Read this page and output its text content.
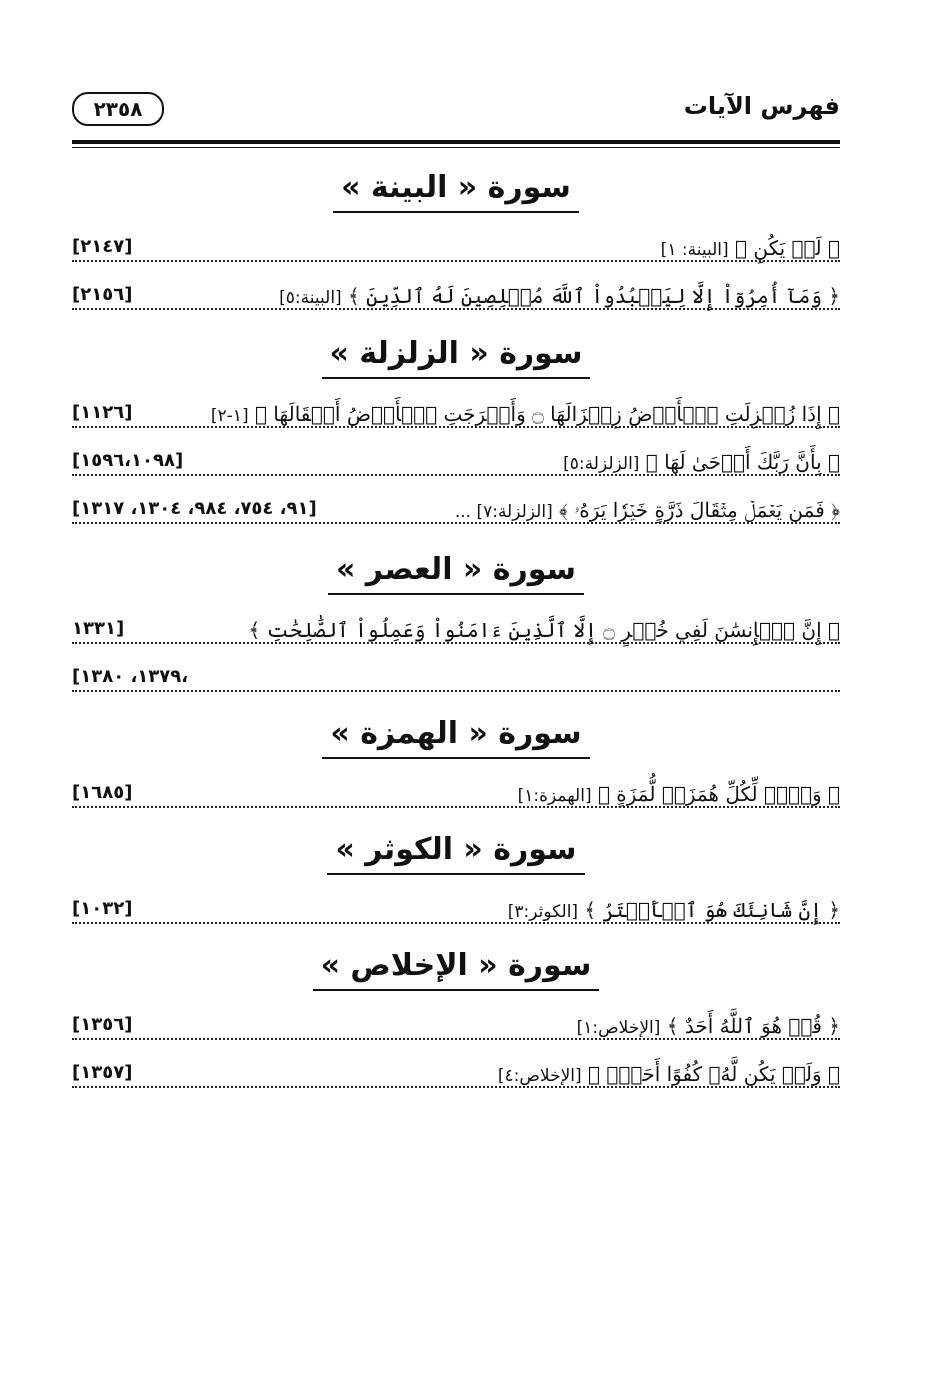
فهرس الآيات
٢٣٥٨
سورة « البينة »
﴿ لَمۡ يَكُنِ ﴾ [البينة: ١]
[٢١٤٧]
﴿ وَمَآ أُمِرُوٓاْ إِلَّا لِيَعۡبُدُواْ ٱللَّهَ مُخۡلِصِينَ لَهُ ٱلدِّينَ ﴾ [البينة:٥]
[٢١٥٦]
سورة « الزلزلة »
﴿ إِذَا زُلۡزِلَتِ ٱلۡأَرۡضُ زِلۡزَالَهَا ۝ وَأَخۡرَجَتِ ٱلۡأَرۡضُ أَثۡقَالَهَا ﴾ [١-٢]
[١١٢٦]
﴿ بِأَنَّ رَبَّكَ أَوۡحَىٰ لَهَا ﴾ [الزلزلة:٥]
[١٥٩٦،١٠٩٨]
﴿ فَمَن يَعۡمَلۡ مِثۡقَالَ ذَرَّةٍ خَيۡرٗا يَرَهُۥ ﴾ [الزلزلة:٧] ...
[٩١، ٧٥٤، ٩٨٤، ١٣٠٤، ١٣١٧]
سورة « العصر »
﴿ إِنَّ ٱلۡإِنسَٰنَ لَفِي خُسۡرٍ ۝ إِلَّا ٱلَّذِينَ ءَامَنُواْ وَعَمِلُواْ ٱلصَّٰلِحَٰتِ ﴾
[١٣٣١
،١٣٧٩، ١٣٨٠]
سورة « الهمزة »
﴿ وَيۡلٞ لِّكُلِّ هُمَزَةٖ لُّمَزَةٍ ﴾ [الهمزة:١]
[١٦٨٥]
سورة « الكوثر »
﴿ إِنَّ شَانِئَكَ هُوَ ٱلۡأَبۡتَرُ ﴾ [الكوثر:٣]
[١٠٣٢]
سورة « الإخلاص »
﴿ قُلۡ هُوَ ٱللَّهُ أَحَدٌ ﴾ [الإخلاص:١]
[١٣٥٦]
﴿ وَلَمۡ يَكُن لَّهُۥ كُفُوًا أَحَدُۢ ﴾ [الإخلاص:٤]
[١٣٥٧]
